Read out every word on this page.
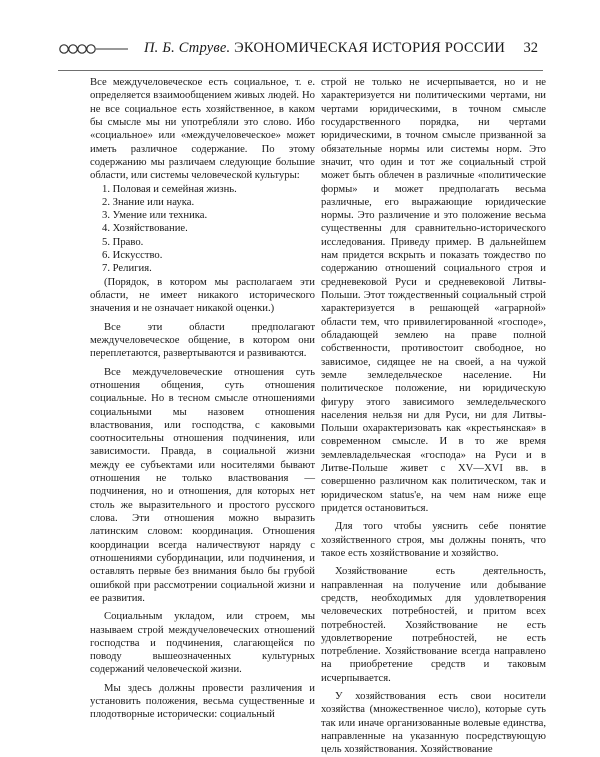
П. Б. Струве. ЭКОНОМИЧЕСКАЯ ИСТОРИЯ РОССИИ 32

Все междучеловеческое есть социальное, т. е. определяется взаимообщением живых людей. Но не все социальное есть хозяйственное, в каком бы смысле мы ни употребляли это слово. Ибо «социальное» или «междучеловеческое» может иметь различное содержание. По этому содержанию мы различаем следующие большие области, или системы человеческой культуры:

1. Половая и семейная жизнь.

2. Знание или наука.

3. Умение или техника.

4. Хозяйствование.

5. Право.

6. Искусство.

7. Религия.

(Порядок, в котором мы располагаем эти области, не имеет никакого исторического значения и не означает никакой оценки.)

Все эти области предполагают междучеловеческое общение, в котором они переплетаются, развертываются и развиваются.

Все междучеловеческие отношения суть отношения общения, суть отношения социальные. Но в тесном смысле отношениями социальными мы назовем отношения властвования, или господства, с каковыми соотносительны отношения подчинения, или зависимости. Правда, в социальной жизни между ее субъектами или носителями бывают отношения не только властвования — подчинения, но и отношения, для которых нет столь же выразительного и простого русского слова. Эти отношения можно выразить латинским словом: координация. Отношения координации всегда наличествуют наряду с отношениями субординации, или подчинения, и оставлять первые без внимания было бы грубой ошибкой при рассмотрении социальной жизни и ее развития.

Социальным укладом, или строем, мы называем строй междучеловеческих отношений господства и подчинения, слагающейся по поводу вышеозначенных культурных содержаний человеческой жизни.

Мы здесь должны провести различения и установить положения, весьма существенные и плодотворные исторически: социальный

строй не только не исчерпывается, но и не характеризуется ни политическими чертами, ни чертами юридическими, в точном смысле государственного порядка, ни чертами юридическими, в точном смысле призванной за обязательные нормы или системы норм. Это значит, что один и тот же социальный строй может быть облечен в различные «политические формы» и может предполагать весьма различные, его выражающие юридические нормы. Это различение и это положение весьма существенны для сравнительно-исторического исследования. Приведу пример. В дальнейшем нам придется вскрыть и показать тождество по содержанию отношений социального строя и средневековой Руси и средневековой Литвы-Польши. Этот тождественный социальный строй характеризуется в решающей «аграрной» области тем, что привилегированной «господе», обладающей землею на праве полной собственности, противостоит свободное, но зависимое, сидящее не на своей, а на чужой земле земледельческое население. Ни политическое положение, ни юридическую фигуру этого зависимого земледельческого населения нельзя ни для Руси, ни для Литвы-Польши охарактеризовать как «крестьянская» в современном смысле. И в то же время землевладельческая «господа» на Руси и в Литве-Польше живет с XV—XVI вв. в совершенно различном как политическом, так и юридическом status'е, на чем нам ниже еще придется остановиться.

Для того чтобы уяснить себе понятие хозяйственного строя, мы должны понять, что такое есть хозяйствование и хозяйство.

Хозяйствование есть деятельность, направленная на получение или добывание средств, необходимых для удовлетворения человеческих потребностей, и притом всех потребностей. Хозяйствование не есть удовлетворение потребностей, не есть потребление. Хозяйствование всегда направлено на приобретение средств и таковым исчерпывается.

У хозяйствования есть свои носители хозяйства (множественное число), которые суть так или иначе организованные волевые единства, направленные на указанную посредствующую цель хозяйствования. Хозяйствование
